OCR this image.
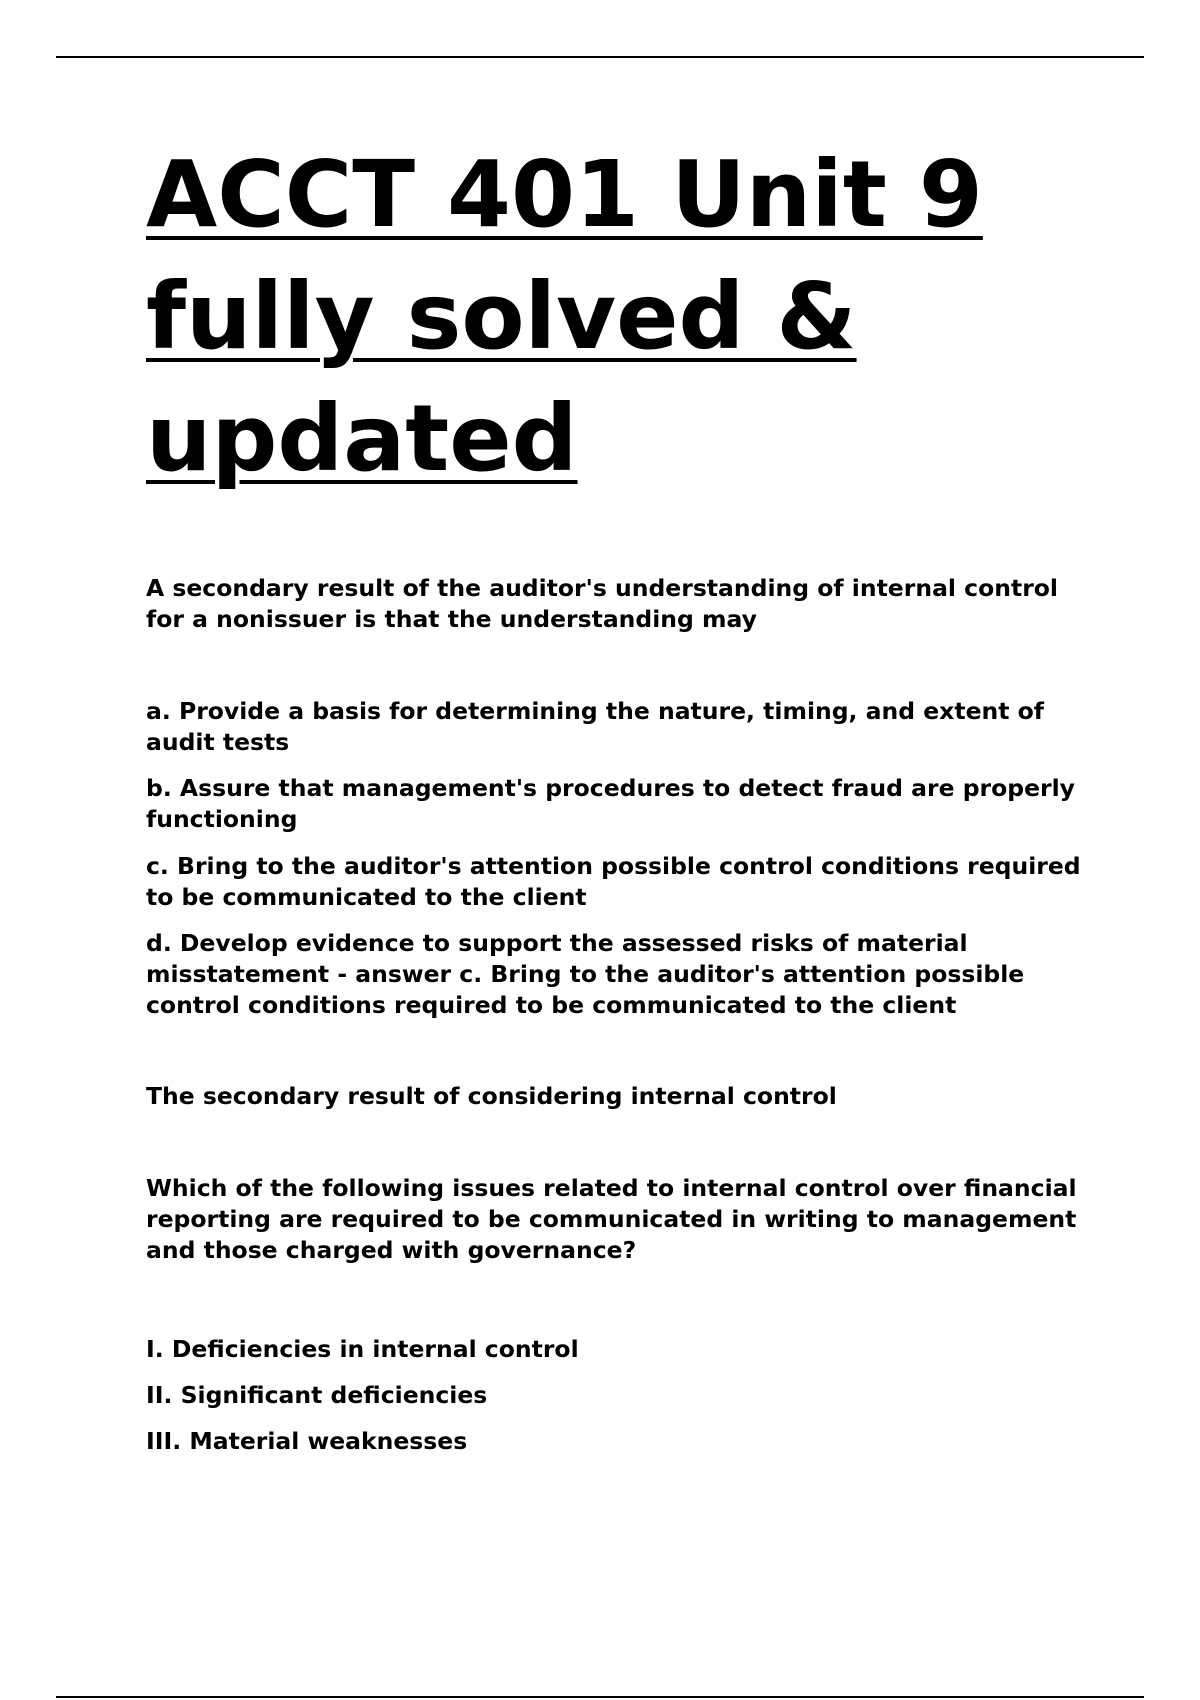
ACCT 401 Unit 9 fully solved & updated

A secondary result of the auditor's understanding of internal control for a nonissuer is that the understanding may

a. Provide a basis for determining the nature, timing, and extent of audit tests

b. Assure that management's procedures to detect fraud are properly functioning

c. Bring to the auditor's attention possible control conditions required to be communicated to the client

d. Develop evidence to support the assessed risks of material misstatement - answer c. Bring to the auditor's attention possible control conditions required to be communicated to the client

The secondary result of considering internal control

Which of the following issues related to internal control over financial reporting are required to be communicated in writing to management and those charged with governance?

I. Deficiencies in internal control

II. Significant deficiencies

III. Material weaknesses
